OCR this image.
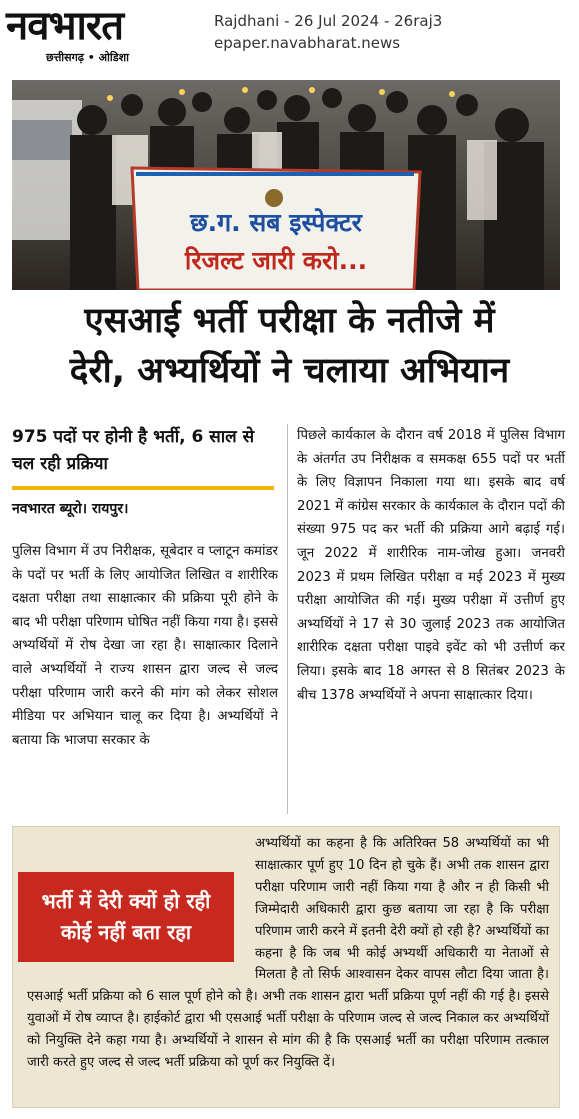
नवभारत
छत्तीसगढ़ • ओडिशा
Rajdhani - 26 Jul 2024 - 26raj3
epaper.navabharat.news
छ.ग. सब इस्पेक्टर
रिजल्ट जारी करो...
एसआई भर्ती परीक्षा के नतीजे में
देरी, अभ्यर्थियों ने चलाया अभियान

975 पदों पर होनी है भर्ती, 6 साल से चल रही प्रक्रिया

नवभारत ब्यूरो। रायपुर।

पुलिस विभाग में उप निरीक्षक, सूबेदार व प्लाटून कमांडर के पदों पर भर्ती के लिए आयोजित लिखित व शारीरिक दक्षता परीक्षा तथा साक्षात्कार की प्रक्रिया पूरी होने के बाद भी परीक्षा परिणाम घोषित नहीं किया गया है। इससे अभ्यर्थियों में रोष देखा जा रहा है। साक्षात्कार दिलाने वाले अभ्यर्थियों ने राज्य शासन द्वारा जल्द से जल्द परीक्षा परिणाम जारी करने की मांग को लेकर सोशल मीडिया पर अभियान चालू कर दिया है। अभ्यर्थियों ने बताया कि भाजपा सरकार के

पिछले कार्यकाल के दौरान वर्ष 2018 में पुलिस विभाग के अंतर्गत उप निरीक्षक व समकक्ष 655 पदों पर भर्ती के लिए विज्ञापन निकाला गया था। इसके बाद वर्ष 2021 में कांग्रेस सरकार के कार्यकाल के दौरान पदों की संख्या 975 पद कर भर्ती की प्रक्रिया आगे बढ़ाई गई। जून 2022 में शारीरिक नाम-जोख हुआ। जनवरी 2023 में प्रथम लिखित परीक्षा व मई 2023 में मुख्य परीक्षा आयोजित की गई। मुख्य परीक्षा में उत्तीर्ण हुए अभ्यर्थियों ने 17 से 30 जुलाई 2023 तक आयोजित शारीरिक दक्षता परीक्षा पाइवे इवेंट को भी उत्तीर्ण कर लिया। इसके बाद 18 अगस्त से 8 सितंबर 2023 के बीच 1378 अभ्यर्थियों ने अपना साक्षात्कार दिया।

अभ्यर्थियों का कहना है कि अतिरिक्त 58 अभ्यर्थियों का भी साक्षात्कार पूर्ण हुए 10 दिन हो चुके हैं। अभी तक शासन द्वारा परीक्षा परिणाम जारी नहीं किया गया है और न ही किसी भी जिम्मेदारी अधिकारी द्वारा कुछ बताया जा रहा है कि परीक्षा परिणाम जारी करने में इतनी देरी क्यों हो रही है? अभ्यर्थियों का कहना है कि जब भी कोई अभ्यर्थी अधिकारी या नेताओं से मिलता है तो सिर्फ आश्वासन देकर वापस लौटा दिया जाता है। एसआई भर्ती प्रक्रिया को 6 साल पूर्ण होने को है। अभी तक शासन द्वारा भर्ती प्रक्रिया पूर्ण नहीं की गई है। इससे युवाओं में रोष व्याप्त है। हाईकोर्ट द्वारा भी एसआई भर्ती परीक्षा के परिणाम जल्द से जल्द निकाल कर अभ्यर्थियों को नियुक्ति देने कहा गया है। अभ्यर्थियों ने शासन से मांग की है कि एसआई भर्ती का परीक्षा परिणाम तत्काल जारी करते हुए जल्द से जल्द भर्ती प्रक्रिया को पूर्ण कर नियुक्ति दें।

भर्ती में देरी क्यों हो रही
कोई नहीं बता रहा
